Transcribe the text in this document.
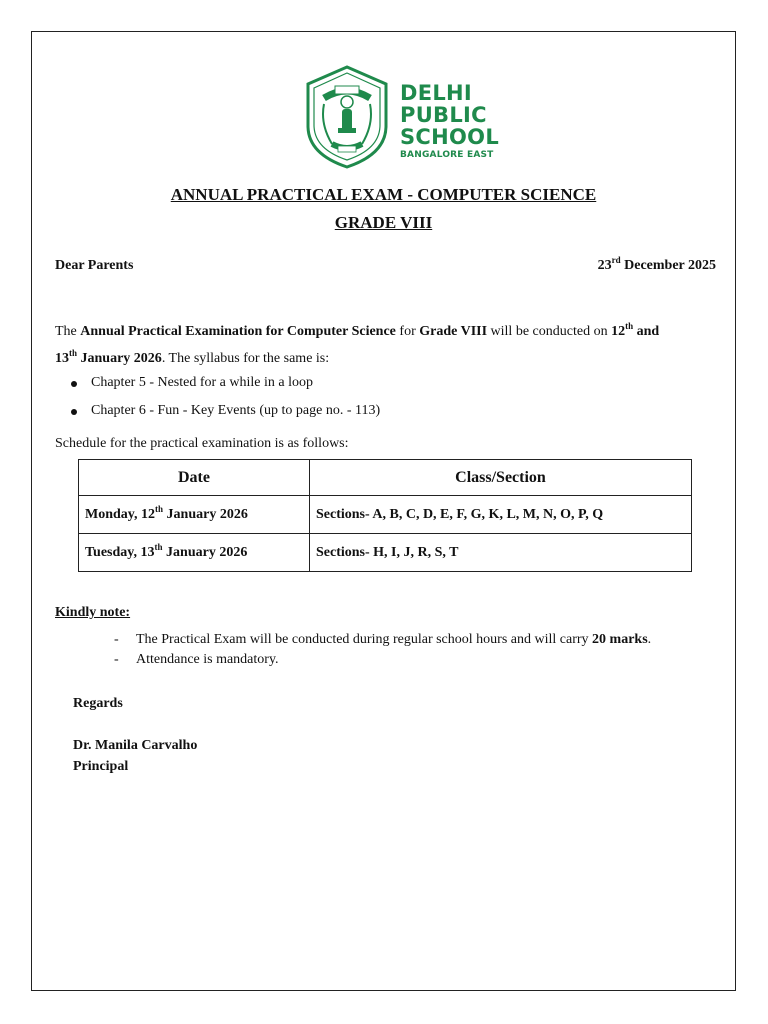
DELHI
PUBLIC
SCHOOL
BANGALORE EAST
ANNUAL PRACTICAL EXAM - COMPUTER SCIENCE
GRADE VIII
Dear Parents	23rd December 2025
The Annual Practical Examination for Computer Science for Grade VIII will be conducted on 12th and
13th January 2026. The syllabus for the same is:
Chapter 5 - Nested for a while in a loop
Chapter 6 - Fun - Key Events (up to page no. - 113)
Schedule for the practical examination is as follows:
Date	Class/Section
Monday, 12th January 2026	Sections- A, B, C, D, E, F, G, K, L, M, N, O, P, Q
Tuesday, 13th January 2026	Sections- H, I, J, R, S, T
Kindly note:
- The Practical Exam will be conducted during regular school hours and will carry 20 marks.
- Attendance is mandatory.
Regards
Dr. Manila Carvalho
Principal
